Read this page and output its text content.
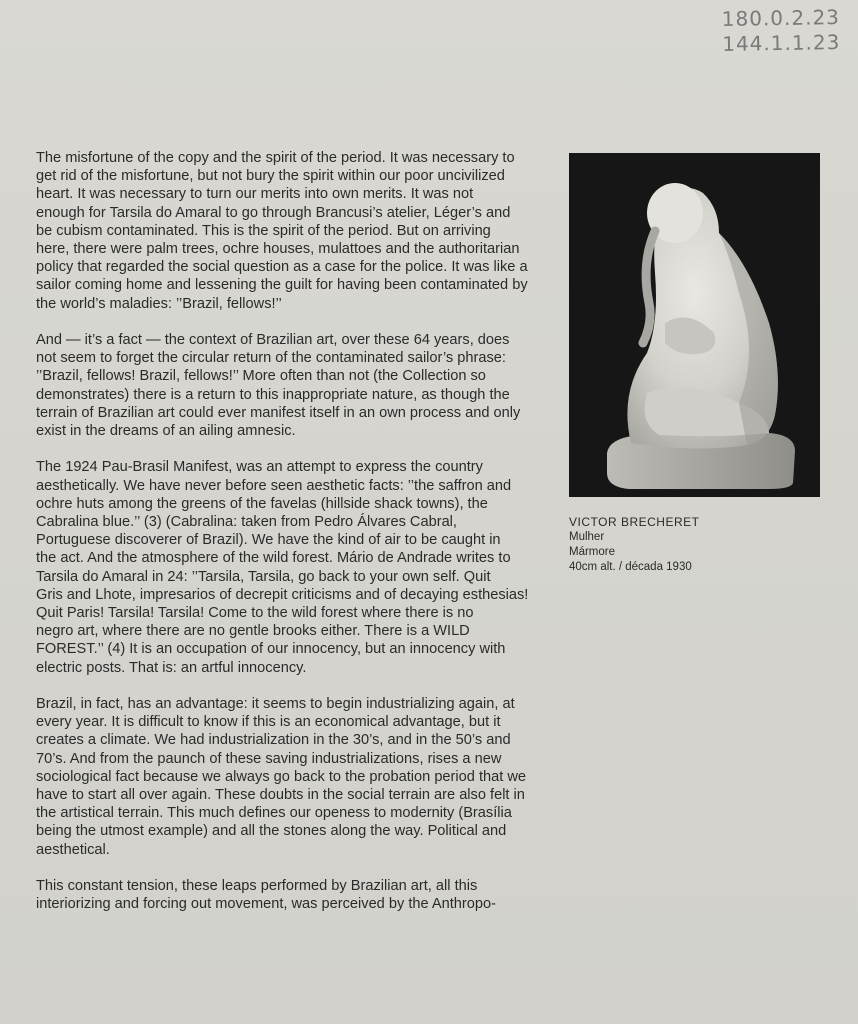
180.0.2.23
144.1.1.23

The misfortune of the copy and the spirit of the period. It was necessary to
get rid of the misfortune, but not bury the spirit within our poor uncivilized
heart. It was necessary to turn our merits into own merits. It was not
enough for Tarsila do Amaral to go through Brancusi’s atelier, Léger’s and
be cubism contaminated. This is the spirit of the period. But on arriving
here, there were palm trees, ochre houses, mulattoes and the authoritarian
policy that regarded the social question as a case for the police. It was like a
sailor coming home and lessening the guilt for having been contaminated by
the world’s maladies: ’’Brazil, fellows!’’

And — it’s a fact — the context of Brazilian art, over these 64 years, does
not seem to forget the circular return of the contaminated sailor’s phrase:
’’Brazil, fellows! Brazil, fellows!’’ More often than not (the Collection so
demonstrates) there is a return to this inappropriate nature, as though the
terrain of Brazilian art could ever manifest itself in an own process and only
exist in the dreams of an ailing amnesic.

The 1924 Pau-Brasil Manifest, was an attempt to express the country
aesthetically. We have never before seen aesthetic facts: ’’the saffron and
ochre huts among the greens of the favelas (hillside shack towns), the
Cabralina blue.’’ (3) (Cabralina: taken from Pedro Álvares Cabral,
Portuguese discoverer of Brazil). We have the kind of air to be caught in
the act. And the atmosphere of the wild forest. Mário de Andrade writes to
Tarsila do Amaral in 24: ’’Tarsila, Tarsila, go back to your own self. Quit
Gris and Lhote, impresarios of decrepit criticisms and of decaying esthesias!
Quit Paris! Tarsila! Tarsila! Come to the wild forest where there is no
negro art, where there are no gentle brooks either. There is a WILD
FOREST.’’ (4) It is an occupation of our innocency, but an innocency with
electric posts. That is: an artful innocency.

Brazil, in fact, has an advantage: it seems to begin industrializing again, at
every year. It is difficult to know if this is an economical advantage, but it
creates a climate. We had industrialization in the 30’s, and in the 50’s and
70’s. And from the paunch of these saving industrializations, rises a new
sociological fact because we always go back to the probation period that we
have to start all over again. These doubts in the social terrain are also felt in
the artistical terrain. This much defines our openess to modernity (Brasília
being the utmost example) and all the stones along the way. Political and
aesthetical.

This constant tension, these leaps performed by Brazilian art, all this
interiorizing and forcing out movement, was perceived by the Anthropo-

VICTOR BRECHERET
Mulher
Mármore
40cm alt. / década 1930
